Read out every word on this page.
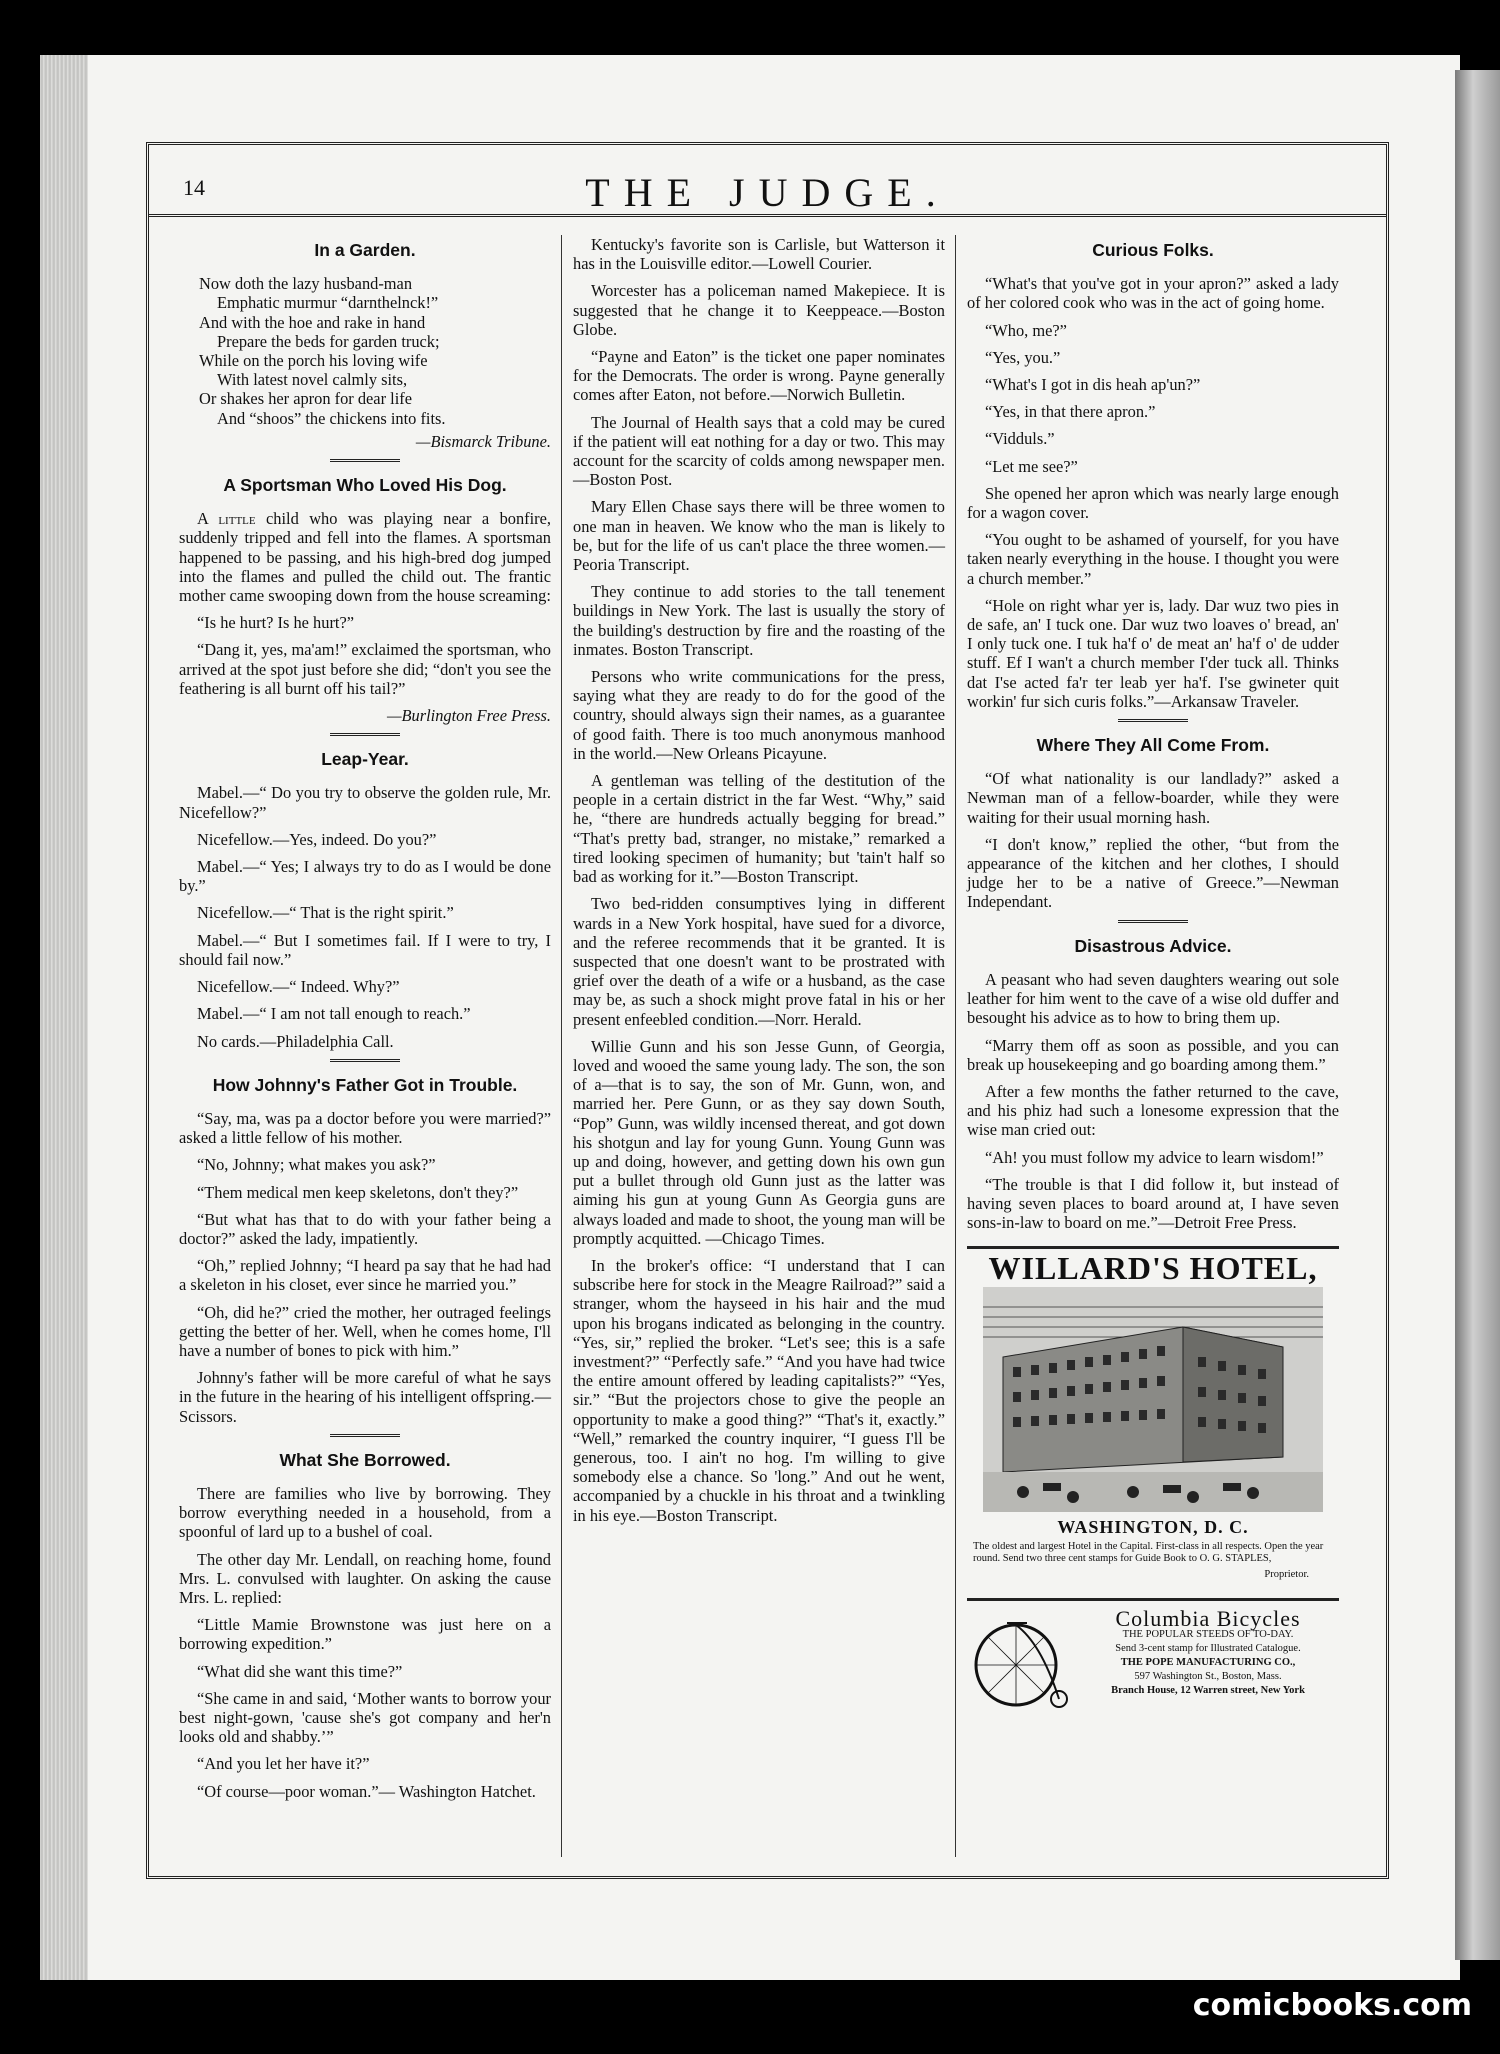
14	THE JUDGE.
In a Garden.
Now doth the lazy husband-man
Emphatic murmur “darnthelnck!”
And with the hoe and rake in hand
Prepare the beds for garden truck;
While on the porch his loving wife
With latest novel calmly sits,
Or shakes her apron for dear life
And “shoos” the chickens into fits.
—Bismarck Tribune.
A Sportsman Who Loved His Dog.

A little child who was playing near a bonfire, suddenly tripped and fell into the flames. A sportsman happened to be passing, and his high-bred dog jumped into the flames and pulled the child out. The frantic mother came swooping down from the house screaming:

“Is he hurt? Is he hurt?”

“Dang it, yes, ma'am!” exclaimed the sportsman, who arrived at the spot just before she did; “don't you see the feathering is all burnt off his tail?”

—Burlington Free Press.
Leap-Year.

Mabel.—“ Do you try to observe the golden rule, Mr. Nicefellow?”

Nicefellow.—Yes, indeed. Do you?”

Mabel.—“ Yes; I always try to do as I would be done by.”

Nicefellow.—“ That is the right spirit.”

Mabel.—“ But I sometimes fail. If I were to try, I should fail now.”

Nicefellow.—“ Indeed. Why?”

Mabel.—“ I am not tall enough to reach.”

No cards.—Philadelphia Call.

How Johnny's Father Got in Trouble.

“Say, ma, was pa a doctor before you were married?” asked a little fellow of his mother.

“No, Johnny; what makes you ask?”

“Them medical men keep skeletons, don't they?”

“But what has that to do with your father being a doctor?” asked the lady, impatiently.

“Oh,” replied Johnny; “I heard pa say that he had had a skeleton in his closet, ever since he married you.”

“Oh, did he?” cried the mother, her outraged feelings getting the better of her. Well, when he comes home, I'll have a number of bones to pick with him.”

Johnny's father will be more careful of what he says in the future in the hearing of his intelligent offspring.—Scissors.

What She Borrowed.

There are families who live by borrowing. They borrow everything needed in a household, from a spoonful of lard up to a bushel of coal.

The other day Mr. Lendall, on reaching home, found Mrs. L. convulsed with laughter. On asking the cause Mrs. L. replied:

“Little Mamie Brownstone was just here on a borrowing expedition.”

“What did she want this time?”

“She came in and said, ‘Mother wants to borrow your best night-gown, 'cause she's got company and her'n looks old and shabby.’”

“And you let her have it?”

“Of course—poor woman.”— Washington Hatchet.

Kentucky's favorite son is Carlisle, but Watterson it has in the Louisville editor.—Lowell Courier.

Worcester has a policeman named Makepiece. It is suggested that he change it to Keeppeace.—Boston Globe.

“Payne and Eaton” is the ticket one paper nominates for the Democrats. The order is wrong. Payne generally comes after Eaton, not before.—Norwich Bulletin.

The Journal of Health says that a cold may be cured if the patient will eat nothing for a day or two. This may account for the scarcity of colds among newspaper men.—Boston Post.

Mary Ellen Chase says there will be three women to one man in heaven. We know who the man is likely to be, but for the life of us can't place the three women.—Peoria Transcript.

They continue to add stories to the tall tenement buildings in New York. The last is usually the story of the building's destruction by fire and the roasting of the inmates. Boston Transcript.

Persons who write communications for the press, saying what they are ready to do for the good of the country, should always sign their names, as a guarantee of good faith. There is too much anonymous manhood in the world.—New Orleans Picayune.

A gentleman was telling of the destitution of the people in a certain district in the far West. “Why,” said he, “there are hundreds actually begging for bread.” “That's pretty bad, stranger, no mistake,” remarked a tired looking specimen of humanity; but 'tain't half so bad as working for it.”—Boston Transcript.

Two bed-ridden consumptives lying in different wards in a New York hospital, have sued for a divorce, and the referee recommends that it be granted. It is suspected that one doesn't want to be prostrated with grief over the death of a wife or a husband, as the case may be, as such a shock might prove fatal in his or her present enfeebled condition.—Norr. Herald.

Willie Gunn and his son Jesse Gunn, of Georgia, loved and wooed the same young lady. The son, the son of a—that is to say, the son of Mr. Gunn, won, and married her. Pere Gunn, or as they say down South, “Pop” Gunn, was wildly incensed thereat, and got down his shotgun and lay for young Gunn. Young Gunn was up and doing, however, and getting down his own gun put a bullet through old Gunn just as the latter was aiming his gun at young Gunn As Georgia guns are always loaded and made to shoot, the young man will be promptly acquitted. —Chicago Times.

In the broker's office: “I understand that I can subscribe here for stock in the Meagre Railroad?” said a stranger, whom the hayseed in his hair and the mud upon his brogans indicated as belonging in the country. “Yes, sir,” replied the broker. “Let's see; this is a safe investment?” “Perfectly safe.” “And you have had twice the entire amount offered by leading capitalists?” “Yes, sir.” “But the projectors chose to give the people an opportunity to make a good thing?” “That's it, exactly.” “Well,” remarked the country inquirer, “I guess I'll be generous, too. I ain't no hog. I'm willing to give somebody else a chance. So 'long.” And out he went, accompanied by a chuckle in his throat and a twinkling in his eye.—Boston Transcript.

Curious Folks.

“What's that you've got in your apron?” asked a lady of her colored cook who was in the act of going home.

“Who, me?”

“Yes, you.”

“What's I got in dis heah ap'un?”

“Yes, in that there apron.”

“Vidduls.”

“Let me see?”

She opened her apron which was nearly large enough for a wagon cover.

“You ought to be ashamed of yourself, for you have taken nearly everything in the house. I thought you were a church member.”

“Hole on right whar yer is, lady. Dar wuz two pies in de safe, an' I tuck one. Dar wuz two loaves o' bread, an' I only tuck one. I tuk ha'f o' de meat an' ha'f o' de udder stuff. Ef I wan't a church member I'der tuck all. Thinks dat I'se acted fa'r ter leab yer ha'f. I'se gwineter quit workin' fur sich curis folks.”—Arkansaw Traveler.

Where They All Come From.

“Of what nationality is our landlady?” asked a Newman man of a fellow-boarder, while they were waiting for their usual morning hash.

“I don't know,” replied the other, “but from the appearance of the kitchen and her clothes, I should judge her to be a native of Greece.”—Newman Independant.

Disastrous Advice.

A peasant who had seven daughters wearing out sole leather for him went to the cave of a wise old duffer and besought his advice as to how to bring them up.

“Marry them off as soon as possible, and you can break up housekeeping and go boarding among them.”

After a few months the father returned to the cave, and his phiz had such a lonesome expression that the wise man cried out:

“Ah! you must follow my advice to learn wisdom!”

“The trouble is that I did follow it, but instead of having seven places to board around at, I have seven sons-in-law to board on me.”—Detroit Free Press.

WILLARD'S HOTEL,
WASHINGTON, D. C.
The oldest and largest Hotel in the Capital. First-class in all respects. Open the year round. Send two three cent stamps for Guide Book to O. G. STAPLES,
Proprietor.
Columbia Bicycles
THE POPULAR STEEDS OF TO-DAY.
Send 3-cent stamp for Illustrated Catalogue.
THE POPE MANUFACTURING CO.,
597 Washington St., Boston, Mass.
Branch House, 12 Warren street, New York
comicbooks.com
